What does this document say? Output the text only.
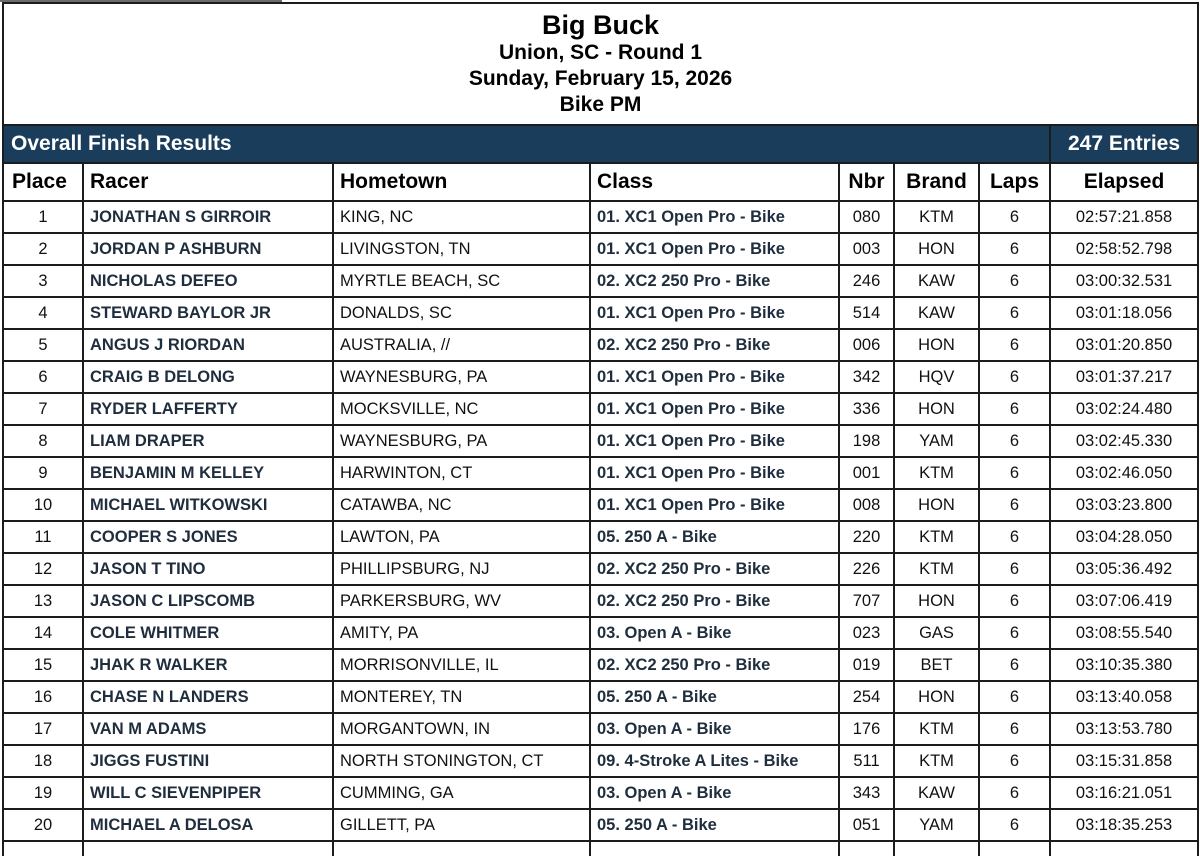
Big Buck
Union, SC - Round 1
Sunday, February 15, 2026
Bike PM							

Overall Finish Results							247 Entries
Place	Racer	Hometown	Class	Nbr	Brand	Laps	Elapsed
1	JONATHAN S GIRROIR	KING, NC	01. XC1 Open Pro - Bike	080	KTM	6	02:57:21.858
2	JORDAN P ASHBURN	LIVINGSTON, TN	01. XC1 Open Pro - Bike	003	HON	6	02:58:52.798
3	NICHOLAS DEFEO	MYRTLE BEACH, SC	02. XC2 250 Pro - Bike	246	KAW	6	03:00:32.531
4	STEWARD BAYLOR JR	DONALDS, SC	01. XC1 Open Pro - Bike	514	KAW	6	03:01:18.056
5	ANGUS J RIORDAN	AUSTRALIA, //	02. XC2 250 Pro - Bike	006	HON	6	03:01:20.850
6	CRAIG B DELONG	WAYNESBURG, PA	01. XC1 Open Pro - Bike	342	HQV	6	03:01:37.217
7	RYDER LAFFERTY	MOCKSVILLE, NC	01. XC1 Open Pro - Bike	336	HON	6	03:02:24.480
8	LIAM DRAPER	WAYNESBURG, PA	01. XC1 Open Pro - Bike	198	YAM	6	03:02:45.330
9	BENJAMIN M KELLEY	HARWINTON, CT	01. XC1 Open Pro - Bike	001	KTM	6	03:02:46.050
10	MICHAEL WITKOWSKI	CATAWBA, NC	01. XC1 Open Pro - Bike	008	HON	6	03:03:23.800
11	COOPER S JONES	LAWTON, PA	05. 250 A - Bike	220	KTM	6	03:04:28.050
12	JASON T TINO	PHILLIPSBURG, NJ	02. XC2 250 Pro - Bike	226	KTM	6	03:05:36.492
13	JASON C LIPSCOMB	PARKERSBURG, WV	02. XC2 250 Pro - Bike	707	HON	6	03:07:06.419
14	COLE WHITMER	AMITY, PA	03. Open A - Bike	023	GAS	6	03:08:55.540
15	JHAK R WALKER	MORRISONVILLE, IL	02. XC2 250 Pro - Bike	019	BET	6	03:10:35.380
16	CHASE N LANDERS	MONTEREY, TN	05. 250 A - Bike	254	HON	6	03:13:40.058
17	VAN M ADAMS	MORGANTOWN, IN	03. Open A - Bike	176	KTM	6	03:13:53.780
18	JIGGS FUSTINI	NORTH STONINGTON, CT	09. 4-Stroke A Lites - Bike	511	KTM	6	03:15:31.858
19	WILL C SIEVENPIPER	CUMMING, GA	03. Open A - Bike	343	KAW	6	03:16:21.051
20	MICHAEL A DELOSA	GILLETT, PA	05. 250 A - Bike	051	YAM	6	03:18:35.253
